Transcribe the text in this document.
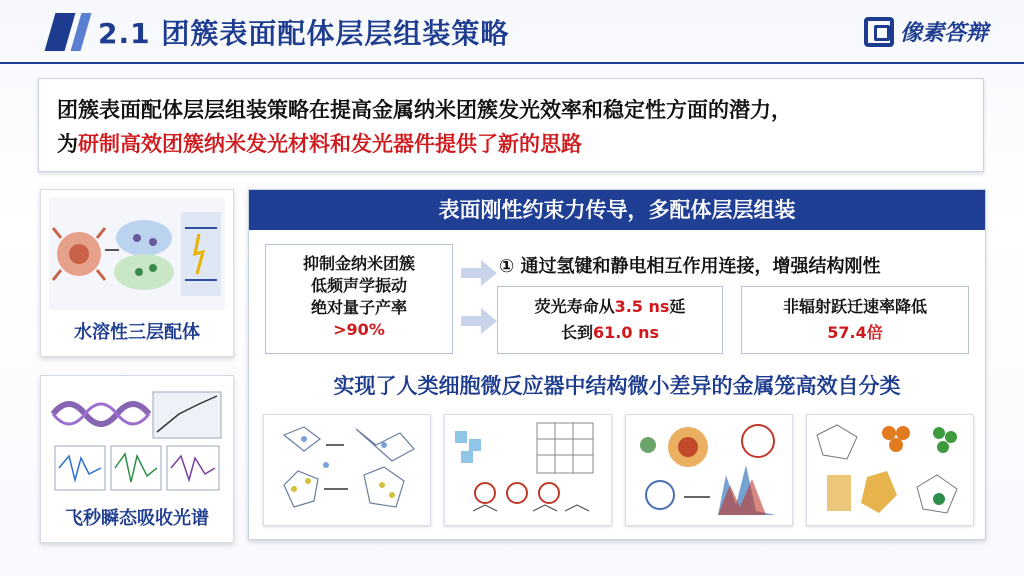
2.1 团簇表面配体层层组装策略	像素答辩
团簇表面配体层层组装策略在提高金属纳米团簇发光效率和稳定性方面的潜力，
为研制高效团簇纳米发光材料和发光器件提供了新的思路
水溶性三层配体
飞秒瞬态吸收光谱
表面刚性约束力传导，多配体层层组装
抑制金纳米团簇
低频声学振动
绝对量子产率
>90%
① 通过氢键和静电相互作用连接，增强结构刚性
荧光寿命从3.5 ns延
长到61.0 ns
非辐射跃迁速率降低
57.4倍
实现了人类细胞微反应器中结构微小差异的金属笼高效自分类
